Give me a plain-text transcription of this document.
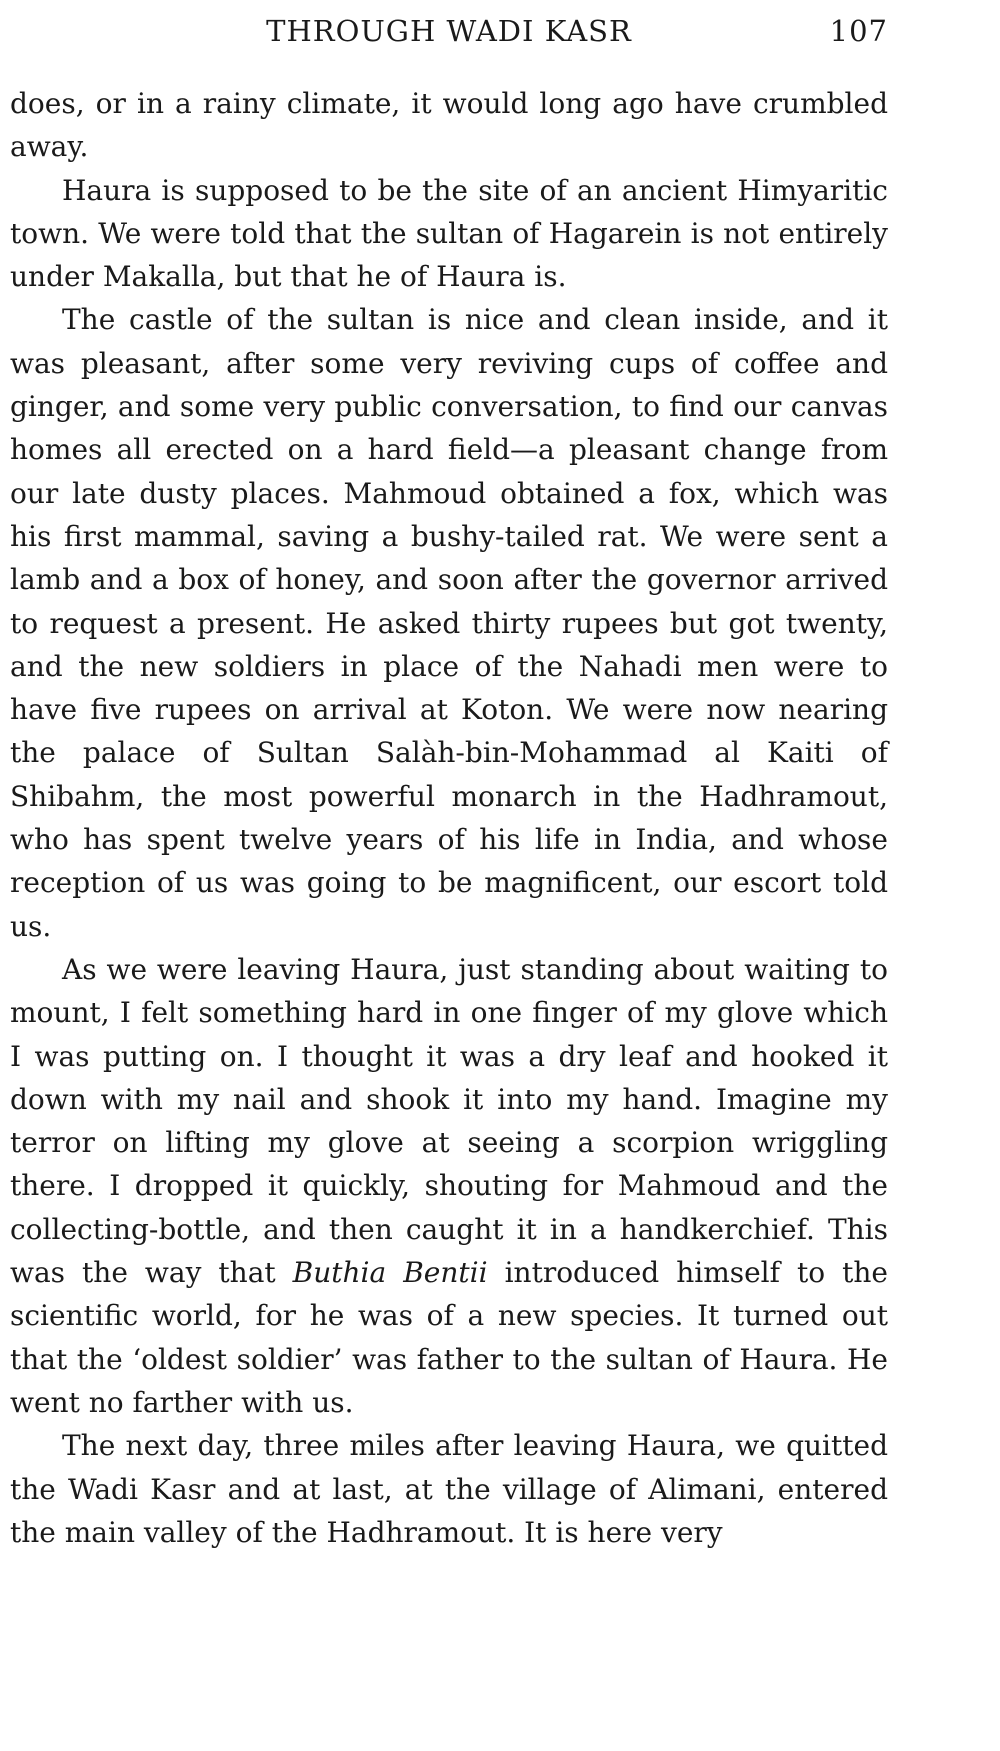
THROUGH WADI KASR	107

does, or in a rainy climate, it would long ago have crumbled away.

Haura is supposed to be the site of an ancient Himyaritic town. We were told that the sultan of Hagarein is not entirely under Makalla, but that he of Haura is.

The castle of the sultan is nice and clean inside, and it was pleasant, after some very reviving cups of coffee and ginger, and some very public conversation, to find our canvas homes all erected on a hard field—a pleasant change from our late dusty places. Mahmoud obtained a fox, which was his first mammal, saving a bushy-tailed rat. We were sent a lamb and a box of honey, and soon after the governor arrived to request a present. He asked thirty rupees but got twenty, and the new soldiers in place of the Nahadi men were to have five rupees on arrival at Koton. We were now nearing the palace of Sultan Salàh-bin-Mohammad al Kaiti of Shibahm, the most powerful monarch in the Hadhramout, who has spent twelve years of his life in India, and whose reception of us was going to be magnificent, our escort told us.

As we were leaving Haura, just standing about waiting to mount, I felt something hard in one finger of my glove which I was putting on. I thought it was a dry leaf and hooked it down with my nail and shook it into my hand. Imagine my terror on lifting my glove at seeing a scorpion wriggling there. I dropped it quickly, shouting for Mahmoud and the collecting-bottle, and then caught it in a handkerchief. This was the way that Buthia Bentii introduced himself to the scientific world, for he was of a new species. It turned out that the ‘oldest soldier’ was father to the sultan of Haura. He went no farther with us.

The next day, three miles after leaving Haura, we quitted the Wadi Kasr and at last, at the village of Alimani, entered the main valley of the Hadhramout. It is here very
